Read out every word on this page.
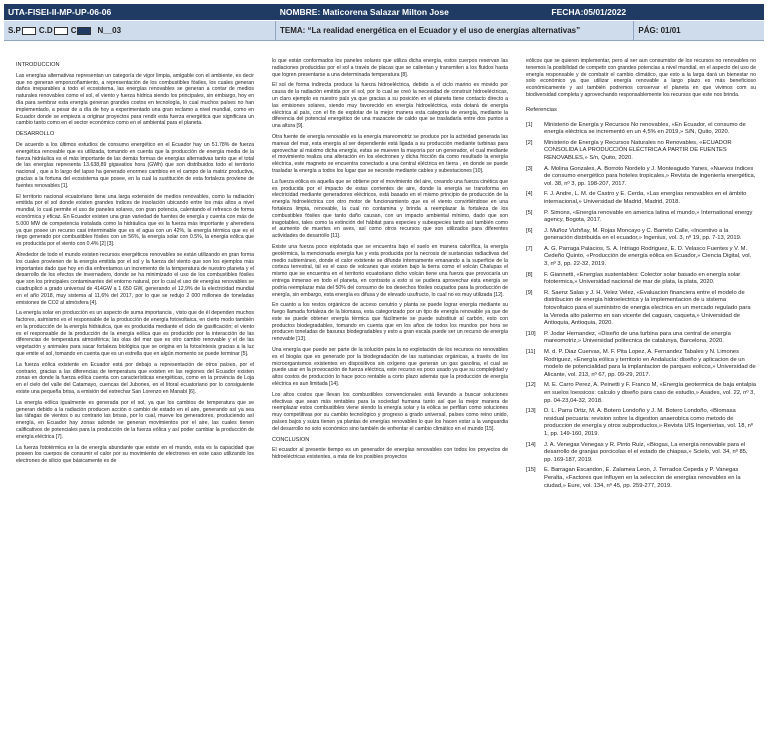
UTA-FISEI-II-MP-UP-06-06	NOMBRE: Maticorena Salazar Milton Jose	FECHA:05/01/2022
S.P C.D C	N__03	TEMA: “La realidad energética en el Ecuador y el uso de energías alternativas”	PÁG: 01/01
INTRODUCCION

Las energías alternativas representan un categoría de vigor limpia, amigable con el ambiente, es decir que no generan emponzoñamiento, a representación de los combustibles fósiles, los cuales generan daños irreparables a todo el ecosistema, las energías renovables se generan a contar de medios naturales renovables como el sol, el viento y fuerza hídrica siendo los principales, sin embargo, hoy en día para sembrar esta energía generan grandes costos en tecnología, lo cual muchos países no han implementado, a pesar de a día de hoy a experimentado una gran reclamo a nivel mundial, como en Ecuador donde se empieza a originar proyectos para rendir esta fuerza energética que significara un cambio tanto como en el sector económico como en el ambiental para el planeta.

DESARROLLO

De acuerdo a los últimos estudios de consumo energético en el Ecuador hay un 51.78% de fuerza energética renovable que es utilizada, tomando en cuenta que la producción de energía media de la fuerza hidráulica es el más importante de las demás formas de energías alternativas tanto que el total de las energías representa 13.638,89 gigavatios hora (GWh) que son distribuidos todo el territorio nacional , que a lo largo del lapso ha generado enormes cambios en el campo de la matriz productiva, gracias a la fortuna del ecosistema que posee, en la cual la sustitución de esta fortaleza proviene de fuentes renovables [1].

El territorio nacional ecuatoriano tiene una larga extensión de medios renovables, como la radiación emitida por el sol donde existen grandes índices de insolación ubicando entre los más altos a nivel mundial, lo cual permite el uso de paneles solares, con gran potencia, calentando el refresco de forma económica y eficaz. En Ecuador existen una gran variedad de fuentes de energía y cuenta con más de 5.000 MW de competencia instalada como la hidráulica que es la fuerza más importante y aheredera ya que posee un recurso casi interminable que es el agua con un 42%, la energía térmica que es el riego generado por combustibles fósiles con un 56%, la energía solar con 0.5%, la energía eólica que es producida por el viento con 0.4% [2] [3].

Alrededor de todo el mundo existen recursos energéticos renovables se están utilizando en gran forma los cuales provienen de la energía emitida por el sol y la fuerza del viento que son los ejemplos más importantes dado que hoy en día enfrentamos un incremento de la temperatura de nuestro planeta y el desarrollo de los efectos de invernadero, donde se ha minimizado el uso de los combustibles fósiles que son los principales contaminantes del entorno natural, por lo cual el uso de energías renovables se cuadruplicó a grado universal de 414GW a 1 650 GW, generando el 12,9% de la electricidad mundial en el año 2018, muy sistema al 11,6% del 2017, por lo que se redujo 2 000 millones de toneladas emisiones de CO2 al atmósfera [4].

La energía solar en producción es un aspecto de suma importancia , visto que de él dependen muchos factores, asimismo es el responsable de la producción de energía fotovoltaica, en cierto modo también en la producción de la energía hidráulica, que es producida mediante el ciclo de gasificación; el viento es el responsable de la producción de la energía eólica que es producido por la interacción de las diferencias de temperatura atmosférica; las olas del mar que es otro cambio renovable y el de las vegetación y animales para sacar fortaleza biológica que se origina en la fotosíntesis gracias a la luz que emite el sol, tomando en cuenta que es un estrella que en algún momento se puede terminar [5].

La fuerza eólica existente en Ecuador está por debajo a representación de otros países, por el contrario, gracias a las diferencias de temperatura que existen en las regiones del Ecuador existen zonas en donde la fuerza eólica cuenta con características energéticas, como en la provincia de Loja en el cielo del valle del Catamayo, cuencas del Jubones, en el litoral ecuatoriano por lo consiguiente existe una pequeña brisa, a emisión del estrechar San Lorenzo en Manabí [6].

La energía eólica igualmente es generada por el sol, ya que los cambios de temperatura que se generan debido a la radiación producen acción o cambio de estado en el aire, generando así ya sea las ráfagas de vientos o su contrario las brisas, por lo cual, mueve los generadores, produciendo así energía, en Ecuador hay zonas adonde se generan movimientos por el aire, las cuales tienen calificativos de potenciales para la producción de la fuerza eólica y así poder cambiar la producción de energía eléctrica [7].

La fuerza fototérmica es la de energía abundante que existe en el mundo, esta es la capacidad que poseen los cuerpos de consumir el calor por su movimiento de electrones en este caso utilizando los electrones de silicio que básicamente es de

lo que están conformados los paneles solares que utiliza dicha energía, estos cuerpos reservan las radiaciones producidas por el sol a través de placas que se calientan y transmiten a los fluidos hasta que logren presentarse a una determinada temperatura [8].

El sol de forma indirecta produce la fuerza hidroeléctrica, debido a el ciclo marino es movido por causa de la radiación emitida por el sol, por lo cual se creó la necesidad de construir hidroeléctricas, un claro ejemplo es nuestro país ya que gracias a su posición en el planeta tiene contacto directo a las emisiones solares, siendo muy favorecido en energía hidroeléctrica, esta dotará de energía eléctrica al país, con el fin de explotar de la mejor manera esta categoría de energía, mediante la diferencia del potencial energético de una mazacote de caldo que se trasladaría entre dos puntos a una altura [9].

Otra fuente de energía renovable es la energía mareomotriz se produce por la actividad generada las mareas del mar, esta energía al ser dependiente está ligada a su producción mediante turbinas para aprovechar al máximo dicha energía, estas se mueven la mayoría por un generador, el cual mediante el movimiento realiza una alteración en los electrones y dicha fricción da como resultado la energía eléctrica, este magneto se encuentra conectado a una central eléctrica en tierra , en donde se puede trasladar la energía a todos los lugar que se necesite mediante cables y subestaciones [10].

La fuerza eólica es aquella que se obtiene por el movimiento del aire, creando una fuerza cinética que es producida por el impacto de estas corrientes de aire, donde la energía se transforma en electricidad mediante generadores eléctricos, está basado en el mismo principio de producción de la energía hidroeléctrica con otro motor de funcionamiento que es el viento convirtiéndose en una fortaleza limpia, renovable, la cual no contamina y brinda a reemplazar la fortaleza de los combustibles fósiles que tanto daño causan, con un impacto ambiental mínimo, dado que son inagotables, tales como la extinción del hábitat para especies y subespecies tanto así también como el aumento de muertes en aves, así como otros recursos que son utilizados para diferentes actividades de desarrollo [11].

Existe una fuerza poco explotada que se encuentra bajo el suelo en manera calorífica, la energía geotérmica, la mencionada energía fue y esta producida por la necrosis de sustancias radiactivas del medio subterráneo, donde el calor existente se difunde internamente emanando a la superficie de la corteza terrestral, tal es el caso de volcanes que existen bajo la tierra como el volcán Chalupas el mismo que se encuentra en el territorio ecuatoriano dicho volcán tiene una fuerza que provocaría un entrega inmenso en todo el planeta, en contraste a esto si se pudiera aprovechar esta energía se podría reemplazar más del 50% del consumo de los desechos fósiles ocupados para la producción de energía, sin embargo, esta energía es difusa y de elevado usufructo, lo cual no es muy utilizada [12].

En cuanto a los restos orgánicos de acceso cenutrio y planta se puede lograr energía mediante su fuego llamada fortaleza de la biomasa, esta categorizado por un tipo de energía renovable ya que de este se puede obtener energía térmica que fácilmente se puede substituir al carbón, esto con productos biodegradables, tomando en cuenta que en los años de todos los mundos por hora se producen toneladas de basuras biodegradables y esto a gran escala puede ser un recurso de energía renovable [13].

Una energía que puede ser parte de la solución para la no explotación de los recursos no renovables es el biogás que es generado por la biodegradación de las sustancias orgánicas, a través de los microorganismos existentes en dispositivos sin oxígeno que generan un gas gasolina, el cual se puede usar en la provocación de fuerza eléctrica, este recurso es poco usado ya que su complejidad y altos costos de producción lo hace poco rentable a corto plazo además que la producción de energía eléctrica es aun limitada [14].

Los altos costos que llevan los combustibles convencionales está llevando a buscar soluciones efectivas que sean más rentables para la sociedad humana tanto así que la mejor manera de reemplazar estos combustibles viene siendo la energía solar y la eólica se perfilan como soluciones muy competitivas por su cambio tecnológico y progreso a grado universal, países como reino unido, países bajos y suiza tienen ya plantas de energías renovables lo que los hacen estar a la vanguardia del desarrollo no solo económico sino también de enfrentar el cambio climático en el mundo [15].

CONCLUSION

El ecuador al presente tiempo es un generador de energías renovables con todos los proyectos de hidroeléctricas existentes, a más de los posibles proyectos

eólicos que se quieren implementar, pero al ser aun consumidor de los recursos no renovables no tenemos la posibilidad de competir con grandes potencias a nivel mundial, en el aspecto del uso de energía responsable y de combatir el cambio climático, que esto a la larga dará un bienestar no solo económico ya que utilizar energía renovable a largo plazo es más beneficioso económicamente y así también podremos conservar el planeta en que vivimos com su biodiversidad completa y aprovechando responsablemente los recursos que este nos brinda.

Referencias
[1]	Ministerio de Energía y Recursos No renovables, «En Ecuador, el consumo de energía eléctrica se incrementó en un 4,5% en 2019,» S/N, Quito, 2020.
[2]	Ministerio de Energía y Recursos Naturales no Renovables, «ECUADOR CONSOLIDA LA PRODUCCIÓN ELÉCTRICA A PARTIR DE FUENTES RENOVABLES,» S/n, Quito, 2020.
[3]	A. Molina Gonzales, A. Borroto Nordelo y J. Monteagudo Yanes, «Nuevos índices de consumo energético para hoteles tropicales,» Revista de ingeniería energética, vol. 38, nº 3, pp. 198-207, 2017.
[4]	F. J. Andre, L. M. de Castro y E. Cerda, «Las energías renovables en el ámbito internacional,» Universidad de Madrid, Madrid, 2018.
[5]	P. Simons, «Energía renovable en america latina el mundo,» International energy agency, Bogota, 2017.
[6]	J. Muñoz Vizhñay, M. Rojas Moncayo y C. Barreto Calle, «Incentivo a la generación distribuida en el ecuador,» Ingenius, vol. 3, nº 19, pp. 7-13, 2019.
[7]	A. G. Parraga Palacios, S. A. Intriago Rodriguez, E. D. Velasco Fuentes y V. M. Cedeño Quinto, «Producción de energía eólica en Ecuador,» Ciencia Digital, vol. 3, nº 3, pp. 22-32, 2019.
[8]	F. Giannetti, «Energías sustentables: Colector solar basado en energía solar fototermica,» Universidad nacional de mar de plata, la plata, 2020.
[9]	R. Saenz Salas y J. H. Velez Velez, «Evaluacion financiera entre el modelo de distribucion de energía hidroelectrica y la implementacion de u sistema fotovoltaico para el suministro de energia electrica en un mercado regulado para la Vereda alto palermo en san vicente del caguan, caqueta,» Universidad de Antioquia, Antioquia, 2020.
[10]	P. Jodar Hernandez, «Diseño de una turbina para una central de energía mareomotriz,» Universidad politecnica de catalunya, Barcelona, 2020.
[11]	M. d. P. Diaz Cuervas, M. F. Pita Lopez, A. Fernandez Tabales y N. Limones Rodriguez, «Energía eólica y territorio en Andalucía: diseño y aplicacion de un modelo de potencialidad para la implantacion de parques eolicos,» Universidad de Alicante, vol. 213, nº 67, pp. 09-29, 2017.
[12]	M. E. Carro Perez, A. Peinetti y F. Franco M, «Energía geotermica de baja entalpia en suelos loessicos: calculo y diseño para caso de estudio,» Asades, vol. 22, nº 3, pp. 04-23,04-32, 2018.
[13]	D. L. Parra Ortiz, M. A. Botero Londoño y J. M. Botero Londoño, «Biomasa residual pecuaria: revision sobre la digestion anaerobica como metodo de produccion de energía y otros subproductos,» Revista UIS Ingenierias, vol. 18, nº 1, pp. 149-160, 2019.
[14]	J. A. Venegas Venegas y R. Pinto Ruiz, «Biogas, La energía renovable para el desarrollo de granjas porcicolas el el estado de chiapas,» Scielo, vol. 34, nº 85, pp. 169-187, 2019.
[15]	E. Barragan Escandon, E. Zalamea Leon, J. Terrados Cepeda y P. Vanegas Peralta, «Factores que influyen en la seleccion de energías renovables en la ciudad,» Eure, vol. 134, nº 45, pp. 259-277, 2019.
